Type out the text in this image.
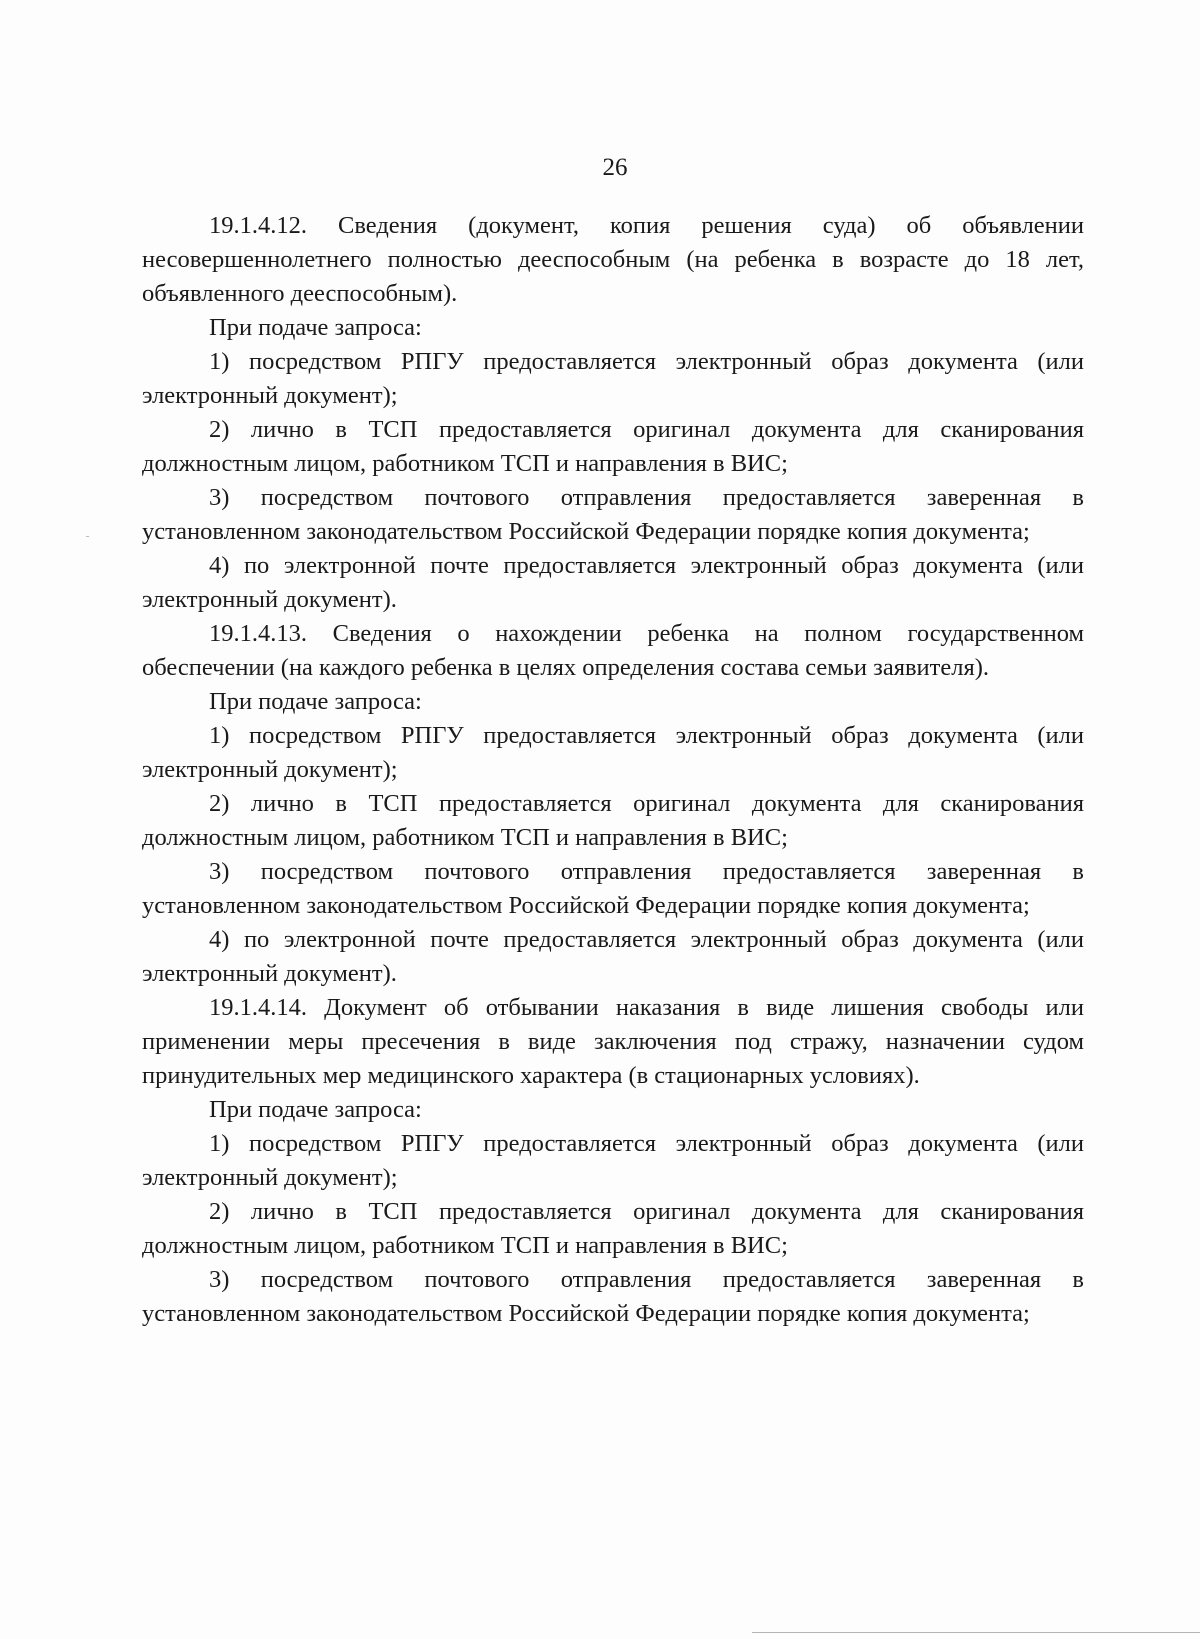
26

19.1.4.12. Сведения (документ, копия решения суда) об объявлении несовершеннолетнего полностью дееспособным (на ребенка в возрасте до 18 лет, объявленного дееспособным).

При подаче запроса:

1) посредством РПГУ предоставляется электронный образ документа (или электронный документ);

2) лично в ТСП предоставляется оригинал документа для сканирования должностным лицом, работником ТСП и направления в ВИС;

3) посредством почтового отправления предоставляется заверенная в установленном законодательством Российской Федерации порядке копия документа;

4) по электронной почте предоставляется электронный образ документа (или электронный документ).

19.1.4.13. Сведения о нахождении ребенка на полном государственном обеспечении (на каждого ребенка в целях определения состава семьи заявителя).

При подаче запроса:

1) посредством РПГУ предоставляется электронный образ документа (или электронный документ);

2) лично в ТСП предоставляется оригинал документа для сканирования должностным лицом, работником ТСП и направления в ВИС;

3) посредством почтового отправления предоставляется заверенная в установленном законодательством Российской Федерации порядке копия документа;

4) по электронной почте предоставляется электронный образ документа (или электронный документ).

19.1.4.14. Документ об отбывании наказания в виде лишения свободы или применении меры пресечения в виде заключения под стражу, назначении судом принудительных мер медицинского характера (в стационарных условиях).

При подаче запроса:

1) посредством РПГУ предоставляется электронный образ документа (или электронный документ);

2) лично в ТСП предоставляется оригинал документа для сканирования должностным лицом, работником ТСП и направления в ВИС;

3) посредством почтового отправления предоставляется заверенная в установленном законодательством Российской Федерации порядке копия документа;
